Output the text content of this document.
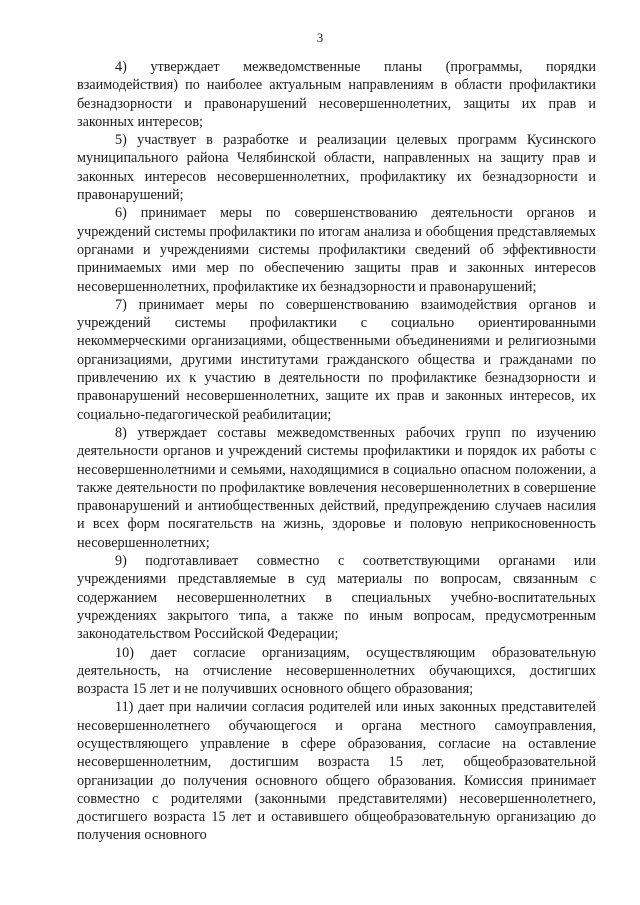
3

4) утверждает межведомственные планы (программы, порядки взаимодействия) по наиболее актуальным направлениям в области профилактики безнадзорности и правонарушений несовершеннолетних, защиты их прав и законных интересов;

5) участвует в разработке и реализации целевых программ Кусинского муниципального района Челябинской области, направленных на защиту прав и законных интересов несовершеннолетних, профилактику их безнадзорности и правонарушений;

6) принимает меры по совершенствованию деятельности органов и учреждений системы профилактики по итогам анализа и обобщения представляемых органами и учреждениями системы профилактики сведений об эффективности принимаемых ими мер по обеспечению защиты прав и законных интересов несовершеннолетних, профилактике их безнадзорности и правонарушений;

7) принимает меры по совершенствованию взаимодействия органов и учреждений системы профилактики с социально ориентированными некоммерческими организациями, общественными объединениями и религиозными организациями, другими институтами гражданского общества и гражданами по привлечению их к участию в деятельности по профилактике безнадзорности и правонарушений несовершеннолетних, защите их прав и законных интересов, их социально-педагогической реабилитации;

8) утверждает составы межведомственных рабочих групп по изучению деятельности органов и учреждений системы профилактики и порядок их работы с несовершеннолетними и семьями, находящимися в социально опасном положении, а также деятельности по профилактике вовлечения несовершеннолетних в совершение правонарушений и антиобщественных действий, предупреждению случаев насилия и всех форм посягательств на жизнь, здоровье и половую неприкосновенность несовершеннолетних;

9) подготавливает совместно с соответствующими органами или учреждениями представляемые в суд материалы по вопросам, связанным с содержанием несовершеннолетних в специальных учебно-воспитательных учреждениях закрытого типа, а также по иным вопросам, предусмотренным законодательством Российской Федерации;

10) дает согласие организациям, осуществляющим образовательную деятельность, на отчисление несовершеннолетних обучающихся, достигших возраста 15 лет и не получивших основного общего образования;

11) дает при наличии согласия родителей или иных законных представителей несовершеннолетнего обучающегося и органа местного самоуправления, осуществляющего управление в сфере образования, согласие на оставление несовершеннолетним, достигшим возраста 15 лет, общеобразовательной организации до получения основного общего образования. Комиссия принимает совместно с родителями (законными представителями) несовершеннолетнего, достигшего возраста 15 лет и оставившего общеобразовательную организацию до получения основного
